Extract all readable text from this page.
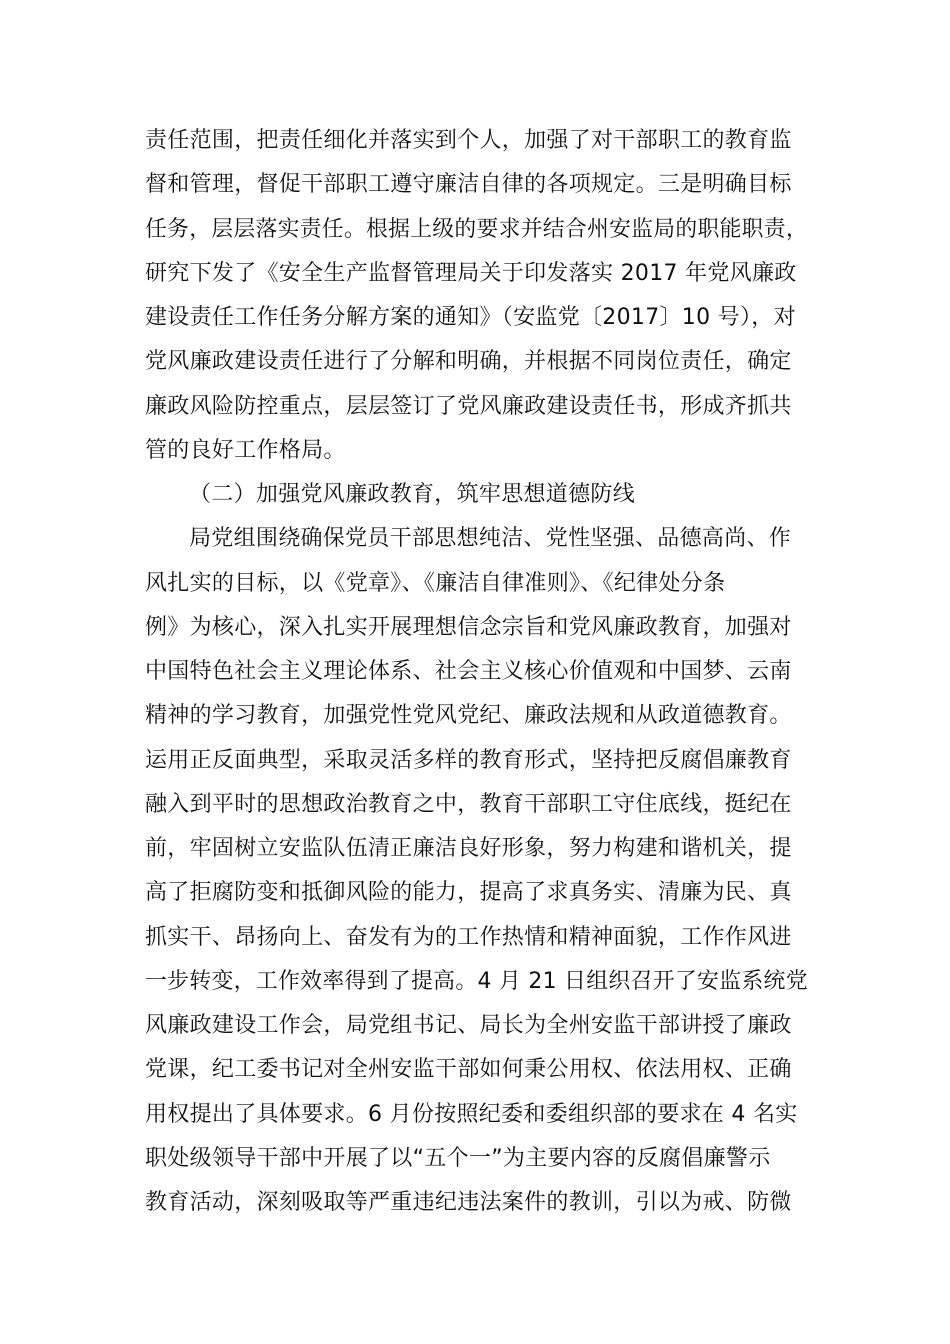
责任范围，把责任细化并落实到个人，加强了对干部职工的教育监
督和管理，督促干部职工遵守廉洁自律的各项规定。三是明确目标
任务，层层落实责任。根据上级的要求并结合州安监局的职能职责，
研究下发了《安全生产监督管理局关于印发落实 2017 年党风廉政
建设责任工作任务分解方案的通知》（安监党〔2017〕10 号），对
党风廉政建设责任进行了分解和明确，并根据不同岗位责任，确定
廉政风险防控重点，层层签订了党风廉政建设责任书，形成齐抓共
管的良好工作格局。
（二）加强党风廉政教育，筑牢思想道德防线
局党组围绕确保党员干部思想纯洁、党性坚强、品德高尚、作
风扎实的目标，以《党章》、《廉洁自律准则》、《纪律处分条
例》为核心，深入扎实开展理想信念宗旨和党风廉政教育，加强对
中国特色社会主义理论体系、社会主义核心价值观和中国梦、云南
精神的学习教育，加强党性党风党纪、廉政法规和从政道德教育。
运用正反面典型，采取灵活多样的教育形式，坚持把反腐倡廉教育
融入到平时的思想政治教育之中，教育干部职工守住底线，挺纪在
前，牢固树立安监队伍清正廉洁良好形象，努力构建和谐机关，提
高了拒腐防变和抵御风险的能力，提高了求真务实、清廉为民、真
抓实干、昂扬向上、奋发有为的工作热情和精神面貌，工作作风进
一步转变，工作效率得到了提高。4 月 21 日组织召开了安监系统党
风廉政建设工作会，局党组书记、局长为全州安监干部讲授了廉政
党课，纪工委书记对全州安监干部如何秉公用权、依法用权、正确
用权提出了具体要求。6 月份按照纪委和委组织部的要求在 4 名实
职处级领导干部中开展了以“五个一”为主要内容的反腐倡廉警示
教育活动，深刻吸取等严重违纪违法案件的教训，引以为戒、防微
